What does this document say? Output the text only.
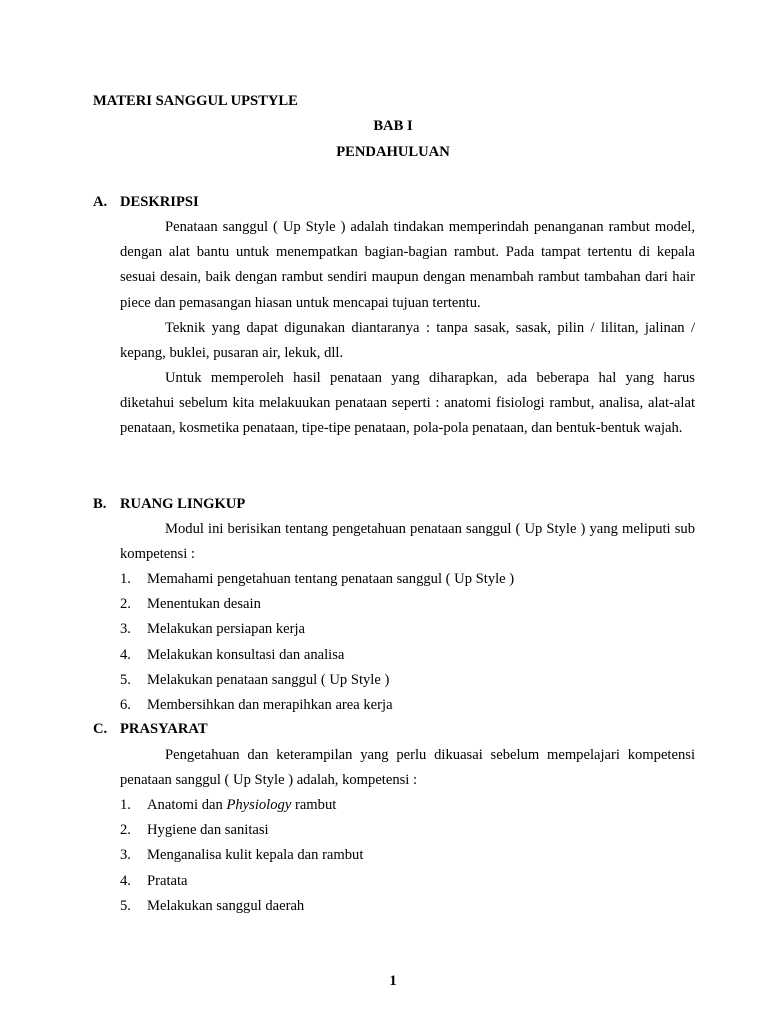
MATERI SANGGUL UPSTYLE
BAB I
PENDAHULUAN
A. DESKRIPSI

Penataan sanggul ( Up Style ) adalah tindakan memperindah penanganan rambut model, dengan alat bantu untuk menempatkan bagian-bagian rambut. Pada tampat tertentu di kepala sesuai desain, baik dengan rambut sendiri maupun dengan menambah rambut tambahan dari hair piece dan pemasangan hiasan untuk mencapai tujuan tertentu.

Teknik yang dapat digunakan diantaranya : tanpa sasak, sasak, pilin / lilitan, jalinan / kepang, buklei, pusaran air, lekuk, dll.

Untuk memperoleh hasil penataan yang diharapkan, ada beberapa hal yang harus diketahui sebelum kita melakuukan penataan seperti : anatomi fisiologi rambut, analisa, alat-alat penataan, kosmetika penataan, tipe-tipe penataan, pola-pola penataan, dan bentuk-bentuk wajah.

B. RUANG LINGKUP

Modul ini berisikan tentang pengetahuan penataan sanggul ( Up Style ) yang meliputi sub kompetensi :

1. Memahami pengetahuan tentang penataan sanggul ( Up Style )
2. Menentukan desain
3. Melakukan persiapan kerja
4. Melakukan konsultasi dan analisa
5. Melakukan penataan sanggul ( Up Style )
6. Membersihkan dan merapihkan area kerja
C. PRASYARAT

Pengetahuan dan keterampilan yang perlu dikuasai sebelum mempelajari kompetensi penataan sanggul ( Up Style ) adalah, kompetensi :

1. Anatomi dan Physiology rambut
2. Hygiene dan sanitasi
3. Menganalisa kulit kepala dan rambut
4. Pratata
5. Melakukan sanggul daerah
1
